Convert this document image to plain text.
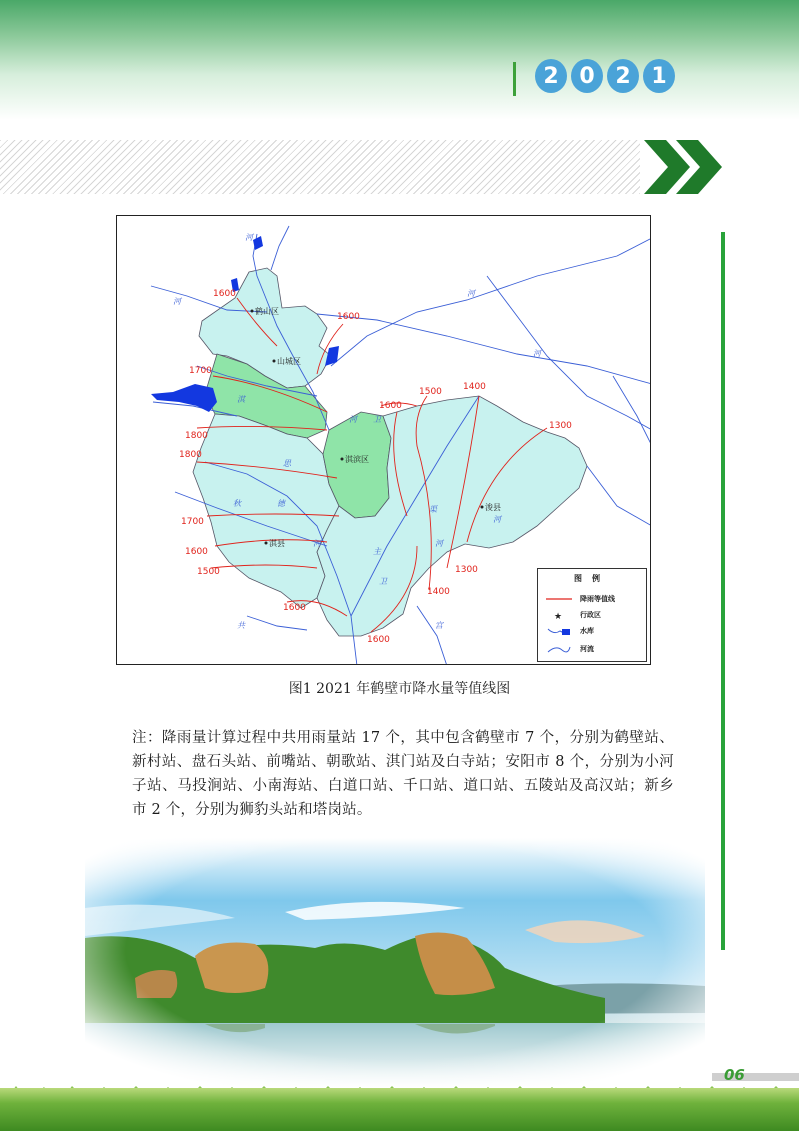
2 0 2 1
1600
1600
1700
1800
1800
1700
1600
1500
1600
1600
1400
1500 1400
1600
1300
1300
鹤山区
山城区
淇滨区
淇县
浚县
河
河
淇
河 卫
河
河
思
德
河
秋
河
主
卫
河
共
渠
宫
图例
降雨等值线
★	行政区
水库
河流
图1 2021 年鹤壁市降水量等值线图

注：降雨量计算过程中共用雨量站 17 个，其中包含鹤壁市 7 个，分别为鹤壁站、新村站、盘石头站、前嘴站、朝歌站、淇门站及白寺站；安阳市 8 个，分别为小河子站、马投涧站、小南海站、白道口站、千口站、道口站、五陵站及高汉站；新乡市 2 个，分别为狮豹头站和塔岗站。

06
